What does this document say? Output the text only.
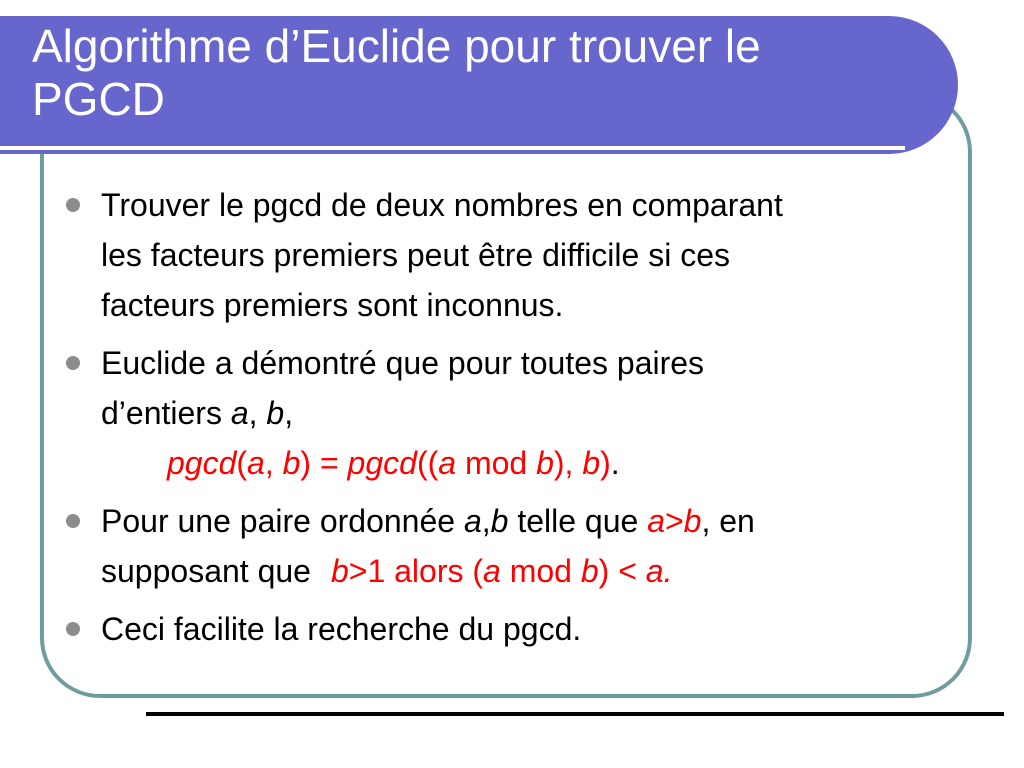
Algorithme d’Euclide pour trouver le
PGCD
Trouver le pgcd de deux nombres en comparant
les facteurs premiers peut être difficile si ces
facteurs premiers sont inconnus.
Euclide a démontré que pour toutes paires
d’entiers a, b,
pgcd(a, b) = pgcd((a mod b), b).
Pour une paire ordonnée a,b telle que a>b, en
supposant que b>1 alors (a mod b) < a.
Ceci facilite la recherche du pgcd.
